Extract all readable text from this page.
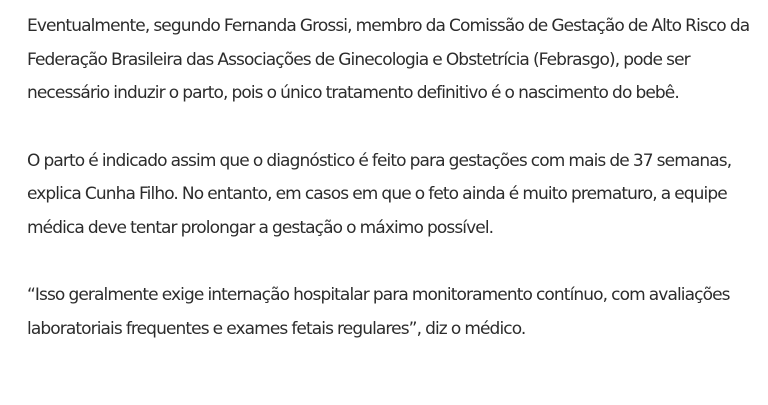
Eventualmente, segundo Fernanda Grossi, membro da Comissão de Gestação de Alto Risco da Federação Brasileira das Associações de Ginecologia e Obstetrícia (Febrasgo), pode ser necessário induzir o parto, pois o único tratamento definitivo é o nascimento do bebê.

O parto é indicado assim que o diagnóstico é feito para gestações com mais de 37 semanas, explica Cunha Filho. No entanto, em casos em que o feto ainda é muito prematuro, a equipe médica deve tentar prolongar a gestação o máximo possível.

“Isso geralmente exige internação hospitalar para monitoramento contínuo, com avaliações laboratoriais frequentes e exames fetais regulares”, diz o médico.
